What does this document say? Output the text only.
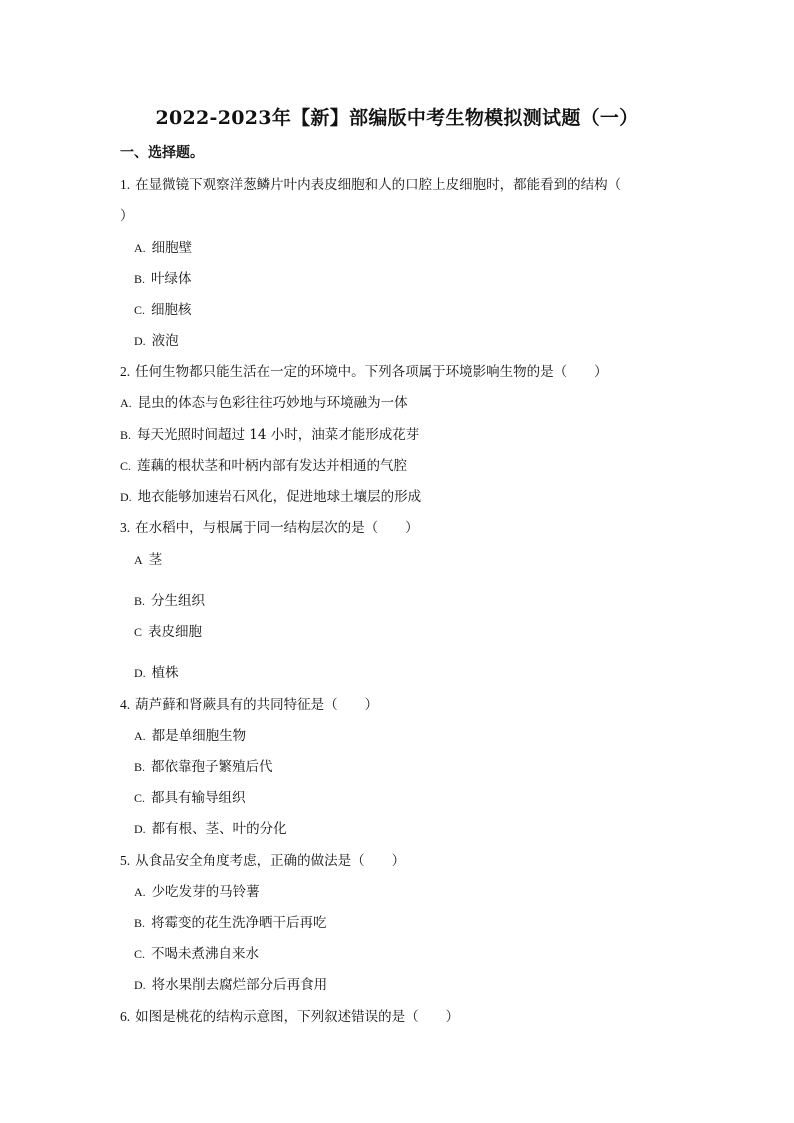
2022-2023年【新】部编版中考生物模拟测试题（一）
一、选择题。
1. 在显微镜下观察洋葱鳞片叶内表皮细胞和人的口腔上皮细胞时，都能看到的结构（
）
A. 细胞壁
B. 叶绿体
C. 细胞核
D. 液泡
2. 任何生物都只能生活在一定的环境中。下列各项属于环境影响生物的是（　　）
A. 昆虫的体态与色彩往往巧妙地与环境融为一体
B. 每天光照时间超过 14 小时，油菜才能形成花芽
C. 莲藕的根状茎和叶柄内部有发达并相通的气腔
D. 地衣能够加速岩石风化，促进地球土壤层的形成
3. 在水稻中，与根属于同一结构层次的是（　　）
A 茎
B. 分生组织
C 表皮细胞
D. 植株
4. 葫芦藓和肾蕨具有的共同特征是（　　）
A. 都是单细胞生物
B. 都依靠孢子繁殖后代
C. 都具有输导组织
D. 都有根、茎、叶的分化
5. 从食品安全角度考虑，正确的做法是（　　）
A. 少吃发芽的马铃薯
B. 将霉变的花生洗净晒干后再吃
C. 不喝未煮沸自来水
D. 将水果削去腐烂部分后再食用
6. 如图是桃花的结构示意图，下列叙述错误的是（　　）
